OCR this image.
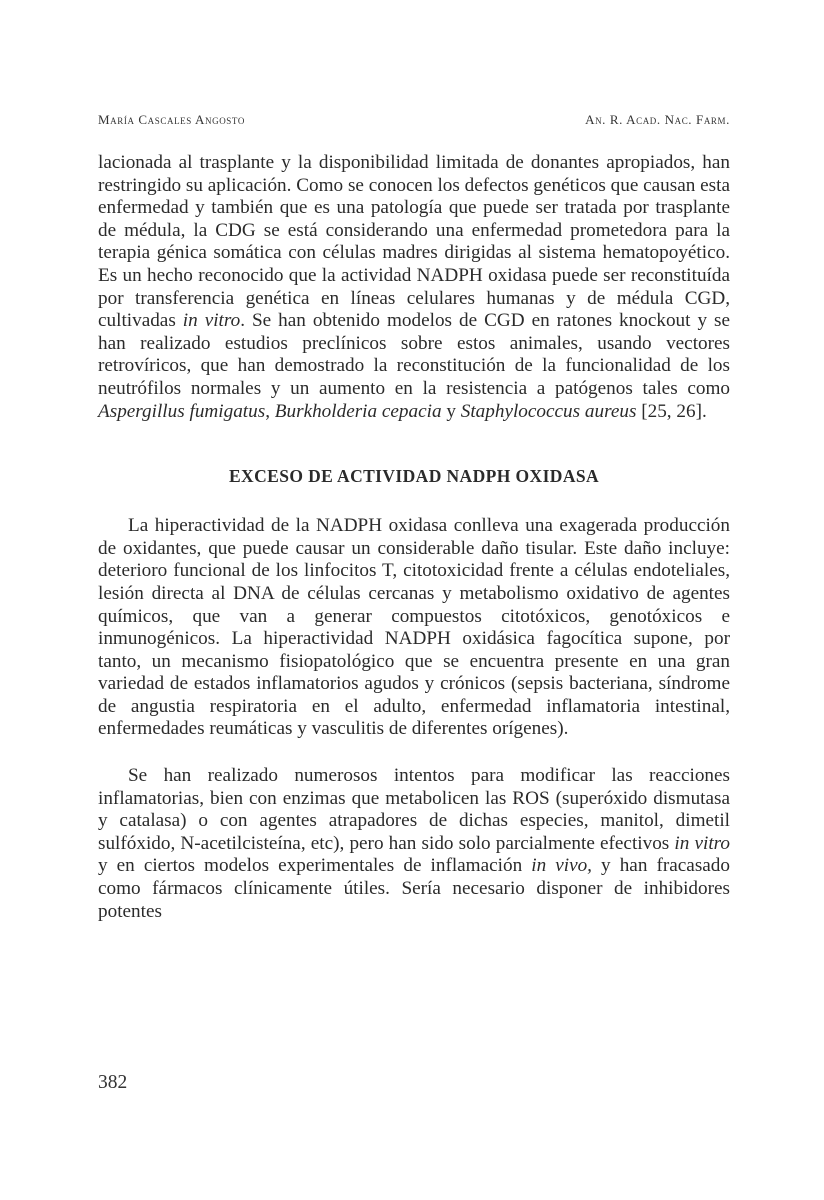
María Cascales Angosto	An. R. Acad. Nac. Farm.

lacionada al trasplante y la disponibilidad limitada de donantes apropiados, han restringido su aplicación. Como se conocen los defectos genéticos que causan esta enfermedad y también que es una patología que puede ser tratada por trasplante de médula, la CDG se está considerando una enfermedad prometedora para la terapia génica somática con células madres dirigidas al sistema hematopoyético. Es un hecho reconocido que la actividad NADPH oxidasa puede ser reconstituída por transferencia genética en líneas celulares humanas y de médula CGD, cultivadas in vitro. Se han obtenido modelos de CGD en ratones knockout y se han realizado estudios preclínicos sobre estos animales, usando vectores retrovíricos, que han demostrado la reconstitución de la funcionalidad de los neutrófilos normales y un aumento en la resistencia a patógenos tales como Aspergillus fumigatus, Burkholderia cepacia y Staphylococcus aureus [25, 26].

EXCESO DE ACTIVIDAD NADPH OXIDASA

La hiperactividad de la NADPH oxidasa conlleva una exagerada producción de oxidantes, que puede causar un considerable daño tisular. Este daño incluye: deterioro funcional de los linfocitos T, citotoxicidad frente a células endoteliales, lesión directa al DNA de células cercanas y metabolismo oxidativo de agentes químicos, que van a generar compuestos citotóxicos, genotóxicos e inmunogénicos. La hiperactividad NADPH oxidásica fagocítica supone, por tanto, un mecanismo fisiopatológico que se encuentra presente en una gran variedad de estados inflamatorios agudos y crónicos (sepsis bacteriana, síndrome de angustia respiratoria en el adulto, enfermedad inflamatoria intestinal, enfermedades reumáticas y vasculitis de diferentes orígenes).

Se han realizado numerosos intentos para modificar las reacciones inflamatorias, bien con enzimas que metabolicen las ROS (superóxido dismutasa y catalasa) o con agentes atrapadores de dichas especies, manitol, dimetil sulfóxido, N-acetilcisteína, etc), pero han sido solo parcialmente efectivos in vitro y en ciertos modelos experimentales de inflamación in vivo, y han fracasado como fármacos clínicamente útiles. Sería necesario disponer de inhibidores potentes

382
